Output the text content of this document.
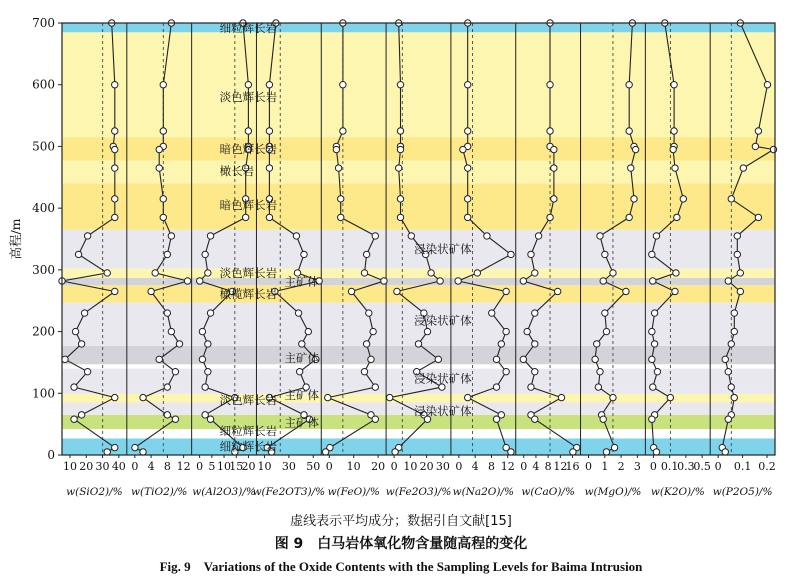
细粒辉长岩
淡色辉长岩
暗色辉长岩
橄长岩
暗色辉长岩
浸染状矿体
淡色辉长岩
主矿体
橄榄辉长岩
浸染状矿体
主矿体
浸染状矿体
主矿体
淡色辉长岩
浸染状矿体
主矿体
细粒辉长岩
细粒辉长岩
10 20 30 40
w(SiO2)/%
0 4 8 12
w(TiO2)/%
0 5 10
15
20
w(Al2O3)/%
10 30 50
w(Fe2OT3)/%
0 10 20
w(FeO)/%
0 10 20 30
w(Fe2O3)/%
0 4 8 12
w(Na2O)/%
0 4 8 12
16
w(CaO)/%
0 1 2 3
w(MgO)/%
0 0.1
0.3
0.5
w(K2O)/%
0 0.1 0.2
w(P2O5)/%
0
100
200
300
400
500
600
700
高程/m
虚线表示平均成分；数据引自文献[15]
图 9　白马岩体氧化物含量随高程的变化
Fig. 9　Variations of the Oxide Contents with the Sampling Levels for Baima Intrusion
